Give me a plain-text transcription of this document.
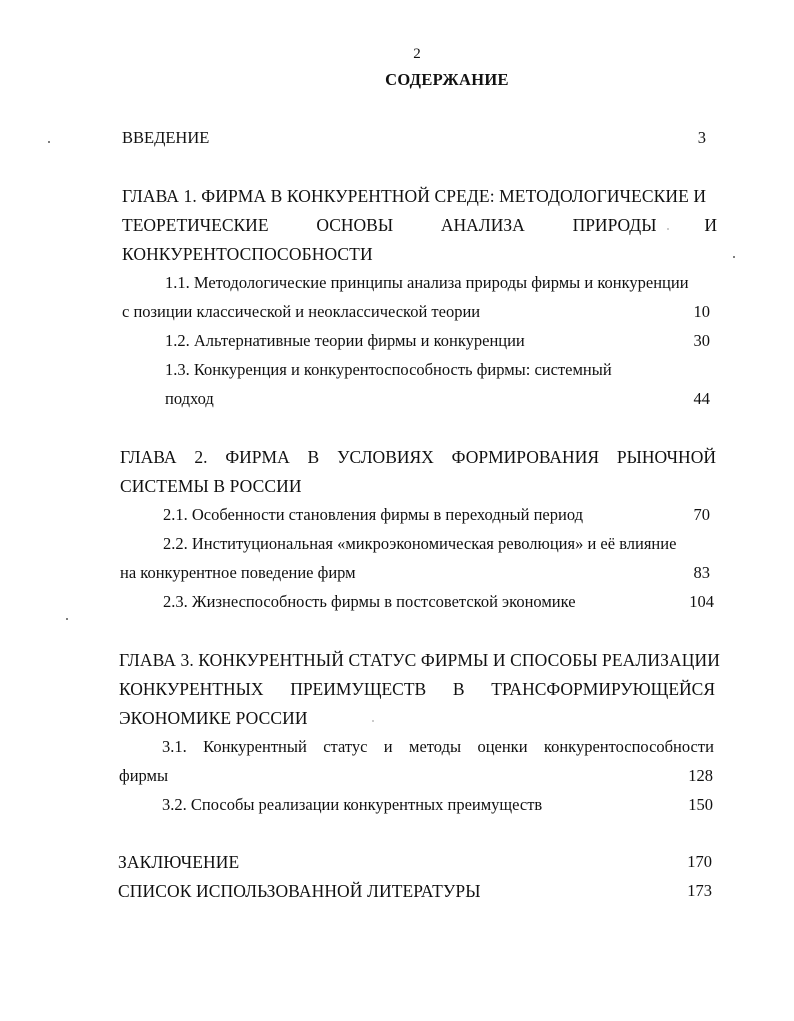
2
СОДЕРЖАНИЕ
ВВЕДЕНИЕ	3
ГЛАВА 1. ФИРМА В КОНКУРЕНТНОЙ СРЕДЕ: МЕТОДОЛОГИЧЕСКИЕ И
ТЕОРЕТИЧЕСКИЕ	ОСНОВЫ	АНАЛИЗА	ПРИРОДЫ	И
КОНКУРЕНТОСПОСОБНОСТИ
1.1. Методологические принципы анализа природы фирмы и конкуренции
с позиции классической и неоклассической теории	10
1.2. Альтернативные теории фирмы и конкуренции	30
1.3. Конкуренция и конкурентоспособность фирмы: системный
подход	44
ГЛАВА 2. ФИРМА В УСЛОВИЯХ ФОРМИРОВАНИЯ РЫНОЧНОЙ
СИСТЕМЫ В РОССИИ
2.1. Особенности становления фирмы в переходный период	70
2.2. Институциональная «микроэкономическая революция» и её влияние
на конкурентное поведение фирм	83
2.3. Жизнеспособность фирмы в постсоветской экономике	104
ГЛАВА 3. КОНКУРЕНТНЫЙ СТАТУС ФИРМЫ И СПОСОБЫ РЕАЛИЗАЦИИ
КОНКУРЕНТНЫХ ПРЕИМУЩЕСТВ В ТРАНСФОРМИРУЮЩЕЙСЯ
ЭКОНОМИКЕ РОССИИ
3.1. Конкурентный статус и методы оценки конкурентоспособности
фирмы	128
3.2. Способы реализации конкурентных преимуществ	150
ЗАКЛЮЧЕНИЕ	170
СПИСОК ИСПОЛЬЗОВАННОЙ ЛИТЕРАТУРЫ	173
